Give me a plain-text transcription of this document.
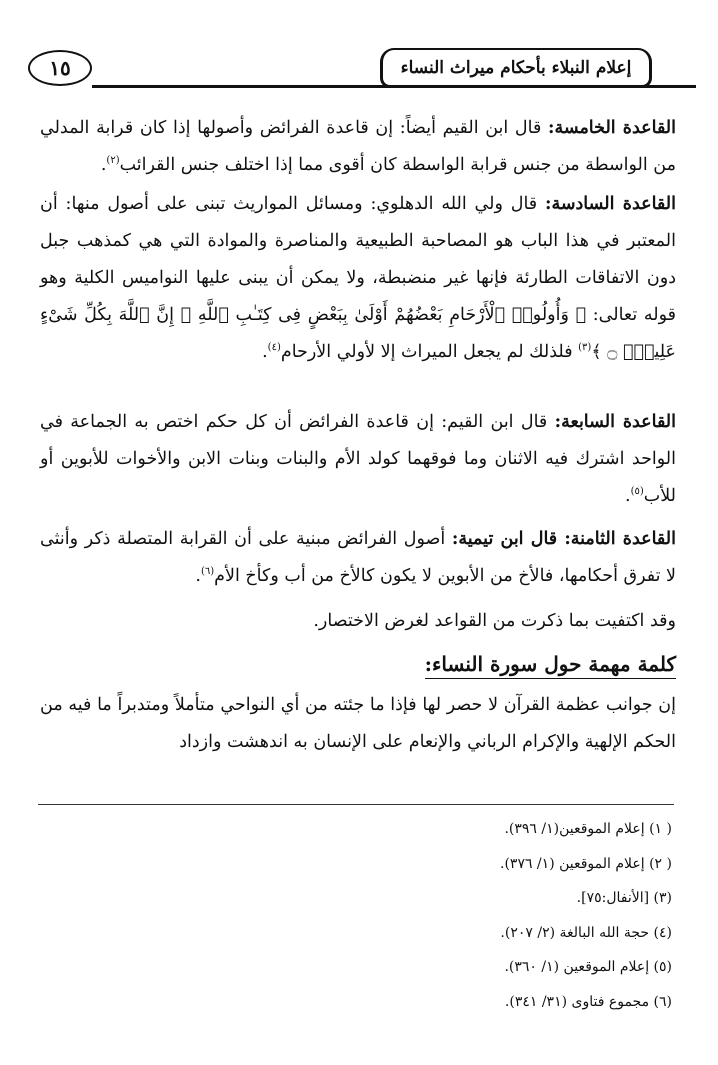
إعلام النبلاء بأحكام ميراث النساء
١٥
القاعدة الخامسة: قال ابن القيم أيضاً: إن قاعدة الفرائض وأصولها إذا كان قرابة المدلي من الواسطة من جنس قرابة الواسطة كان أقوى مما إذا اختلف جنس القرائب$^{(٢)}$.
القاعدة السادسة: قال ولي الله الدهلوي: ومسائل المواريث تبنى على أصول منها: أن المعتبر في هذا الباب هو المصاحبة الطبيعية والمناصرة والموادة التي هي كمذهب جبل دون الاتفاقات الطارئة فإنها غير منضبطة، ولا يمكن أن يبنى عليها النواميس الكلية وهو قوله تعالى: ﴿ وَأُولُوا۟ ٱلْأَرْحَامِ بَعْضُهُمْ أَوْلَىٰ بِبَعْضٍ فِى كِتَـٰبِ ٱللَّهِ ۗ إِنَّ ٱللَّهَ بِكُلِّ شَىْءٍ عَلِيمٌۢ ۝ ﴾$^{(٣)}$ فلذلك لم يجعل الميراث إلا لأولي الأرحام$^{(٤)}$.
القاعدة السابعة: قال ابن القيم: إن قاعدة الفرائض أن كل حكم اختص به الجماعة في الواحد اشترك فيه الاثنان وما فوقهما كولد الأم والبنات وبنات الابن والأخوات للأبوين أو للأب$^{(٥)}$.
القاعدة الثامنة: قال ابن تيمية: أصول الفرائض مبنية على أن القرابة المتصلة ذكر وأنثى لا تفرق أحكامها، فالأخ من الأبوين لا يكون كالأخ من أب وكأخ الأم$^{(٦)}$.
وقد اكتفيت بما ذكرت من القواعد لغرض الاختصار.
كلمة مهمة حول سورة النساء:
إن جوانب عظمة القرآن لا حصر لها فإذا ما جئته من أي النواحي متأملاً ومتدبراً ما فيه من الحكم الإلهية والإكرام الرباني والإنعام على الإنسان به اندهشت وازداد
( ١) إعلام الموقعين(١/ ٣٩٦).
( ٢) إعلام الموقعين (١/ ٣٧٦).
(٣) [الأنفال:٧٥].
(٤) حجة الله البالغة (٢/ ٢٠٧).
(٥) إعلام الموقعين (١/ ٣٦٠).
(٦) مجموع فتاوى (٣١/ ٣٤١).
